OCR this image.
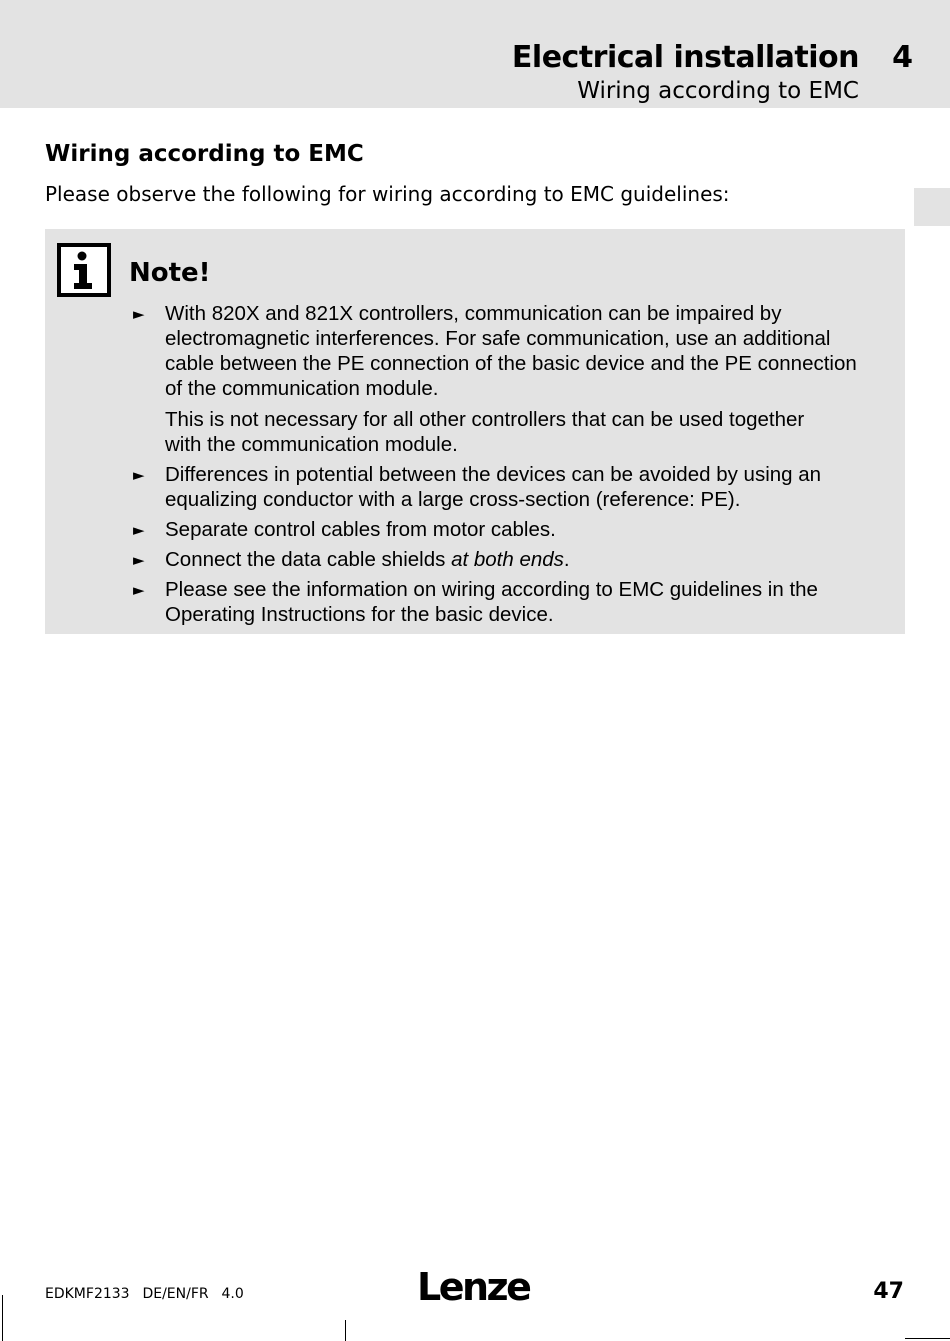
Electrical installation 4
Wiring according to EMC
Wiring according to EMC
Please observe the following for wiring according to EMC guidelines:
Note!
► With 820X and 821X controllers, communication can be impaired by
electromagnetic interferences. For safe communication, use an additional
cable between the PE connection of the basic device and the PE connection
of the communication module.
This is not necessary for all other controllers that can be used together
with the communication module.
► Differences in potential between the devices can be avoided by using an
equalizing conductor with a large cross-section (reference: PE).
► Separate control cables from motor cables.
► Connect the data cable shields at both ends.
► Please see the information on wiring according to EMC guidelines in the
Operating Instructions for the basic device.
EDKMF2133  DE/EN/FR  4.0	Lenze	47
